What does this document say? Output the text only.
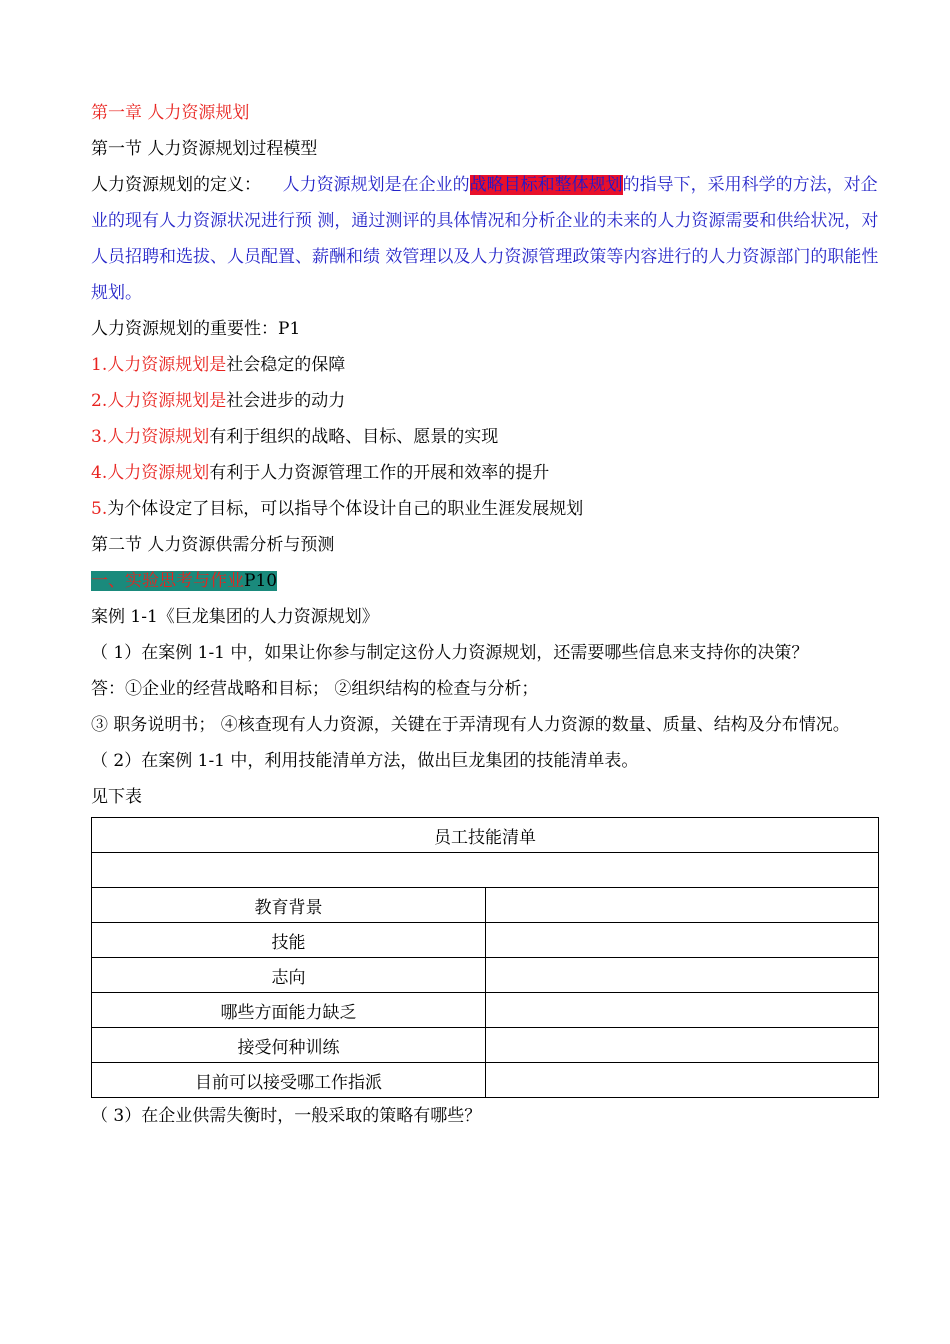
第一章 人力资源规划
第一节 人力资源规划过程模型
人力资源规划的定义： 人力资源规划是在企业的战略目标和整体规划的指导下，采用科学的方法，对企业的现有人力资源状况进行预 测，通过测评的具体情况和分析企业的未来的人力资源需要和供给状况，对人员招聘和选拔、人员配置、薪酬和绩 效管理以及人力资源管理政策等内容进行的人力资源部门的职能性规划。
人力资源规划的重要性：P1
1.人力资源规划是社会稳定的保障
2.人力资源规划是社会进步的动力
3.人力资源规划有利于组织的战略、目标、愿景的实现
4.人力资源规划有利于人力资源管理工作的开展和效率的提升
5.为个体设定了目标，可以指导个体设计自己的职业生涯发展规划
第二节 人力资源供需分析与预测
一、实验思考与作业P10
案例 1-1《巨龙集团的人力资源规划》
（ 1）在案例 1-1 中，如果让你参与制定这份人力资源规划，还需要哪些信息来支持你的决策？
答：①企业的经营战略和目标； ②组织结构的检查与分析；
③ 职务说明书； ④核查现有人力资源，关键在于弄清现有人力资源的数量、质量、结构及分布情况。
（ 2）在案例 1-1 中，利用技能清单方法，做出巨龙集团的技能清单表。
见下表
员工技能清单	

教育背景	
技能	
志向	
哪些方面能力缺乏	
接受何种训练	
目前可以接受哪工作指派	
（ 3）在企业供需失衡时，一般采取的策略有哪些？
